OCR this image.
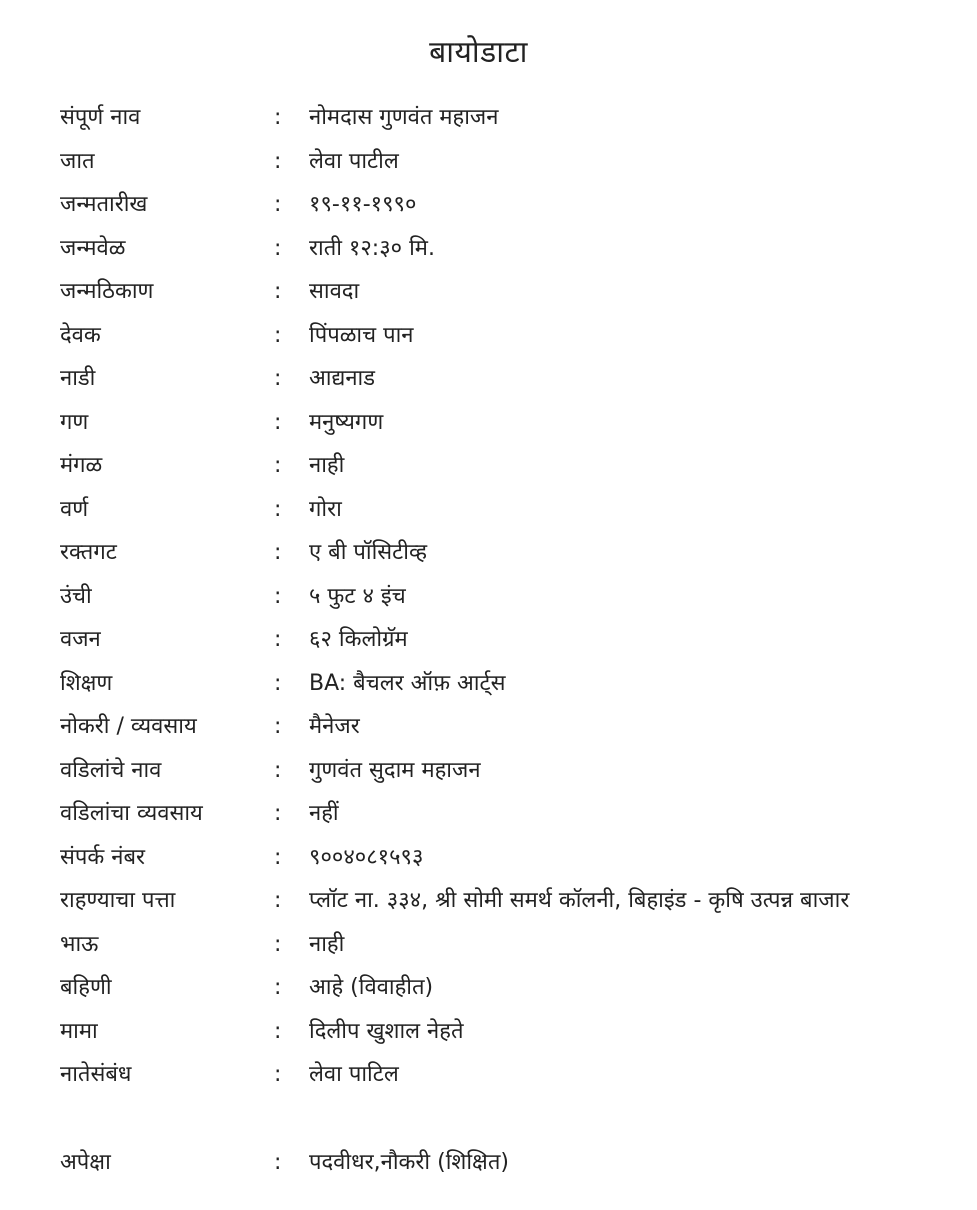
बायोडाटा
संपूर्ण नाव	: नोमदास गुणवंत महाजन
जात	: लेवा पाटील
जन्मतारीख	: १९-११-१९९०
जन्मवेळ	: राती १२:३० मि.
जन्मठिकाण	: सावदा
देवक	: पिंपळाच पान
नाडी	: आद्यनाड
गण	: मनुष्यगण
मंगळ	: नाही
वर्ण	: गोरा
रक्तगट	: ए बी पॉसिटीव्ह
उंची	: ५ फुट ४ इंच
वजन	: ६२ किलोग्रॅम
शिक्षण	: BA: बैचलर ऑफ़ आर्ट्स
नोकरी / व्यवसाय	: मैनेजर
वडिलांचे नाव	: गुणवंत सुदाम महाजन
वडिलांचा व्यवसाय	: नहीं
संपर्क नंबर	: ९००४०८१५९३
राहण्याचा पत्ता	: प्लॉट ना. ३३४, श्री सोमी समर्थ कॉलनी, बिहाइंड - कृषि उत्पन्न बाजार
भाऊ	: नाही
बहिणी	: आहे (विवाहीत)
मामा	: दिलीप खुशाल नेहते
नातेसंबंध	: लेवा पाटिल
अपेक्षा	: पदवीधर,नौकरी (शिक्षित)
